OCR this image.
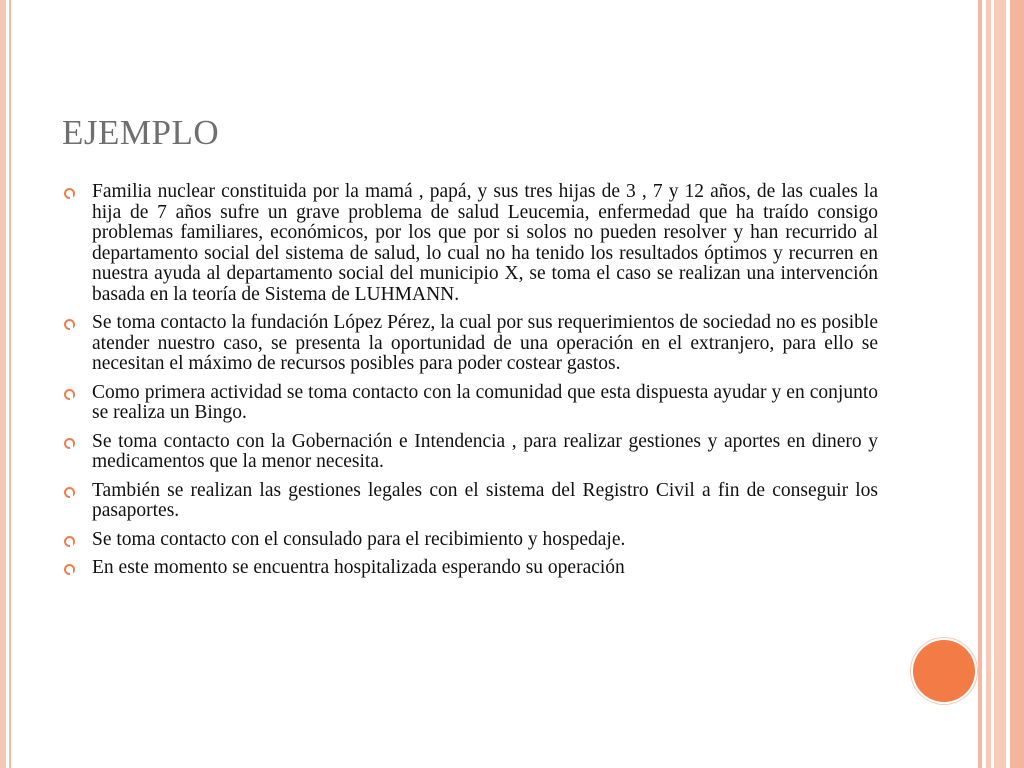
EJEMPLO
Familia nuclear constituida por la mamá , papá, y sus tres hijas de 3 , 7 y 12 años, de las cuales la hija de 7 años sufre un grave problema de salud Leucemia, enfermedad que ha traído consigo problemas familiares, económicos, por los que por si solos no pueden resolver y han recurrido al departamento social del sistema de salud, lo cual no ha tenido los resultados óptimos y recurren en nuestra ayuda al departamento social del municipio X, se toma el caso se realizan una intervención basada en la teoría de Sistema de LUHMANN.
Se toma contacto la fundación López Pérez, la cual por sus requerimientos de sociedad no es posible atender nuestro caso, se presenta la oportunidad de una operación en el extranjero, para ello se necesitan el máximo de recursos posibles para poder costear gastos.
Como primera actividad se toma contacto con la comunidad que esta dispuesta ayudar y en conjunto se realiza un Bingo.
Se toma contacto con la Gobernación e Intendencia , para realizar gestiones y aportes en dinero y medicamentos que la menor necesita.
También se realizan las gestiones legales con el sistema del Registro Civil a fin de conseguir los pasaportes.
Se toma contacto con el consulado para el recibimiento y hospedaje.
En este momento se encuentra hospitalizada esperando su operación
